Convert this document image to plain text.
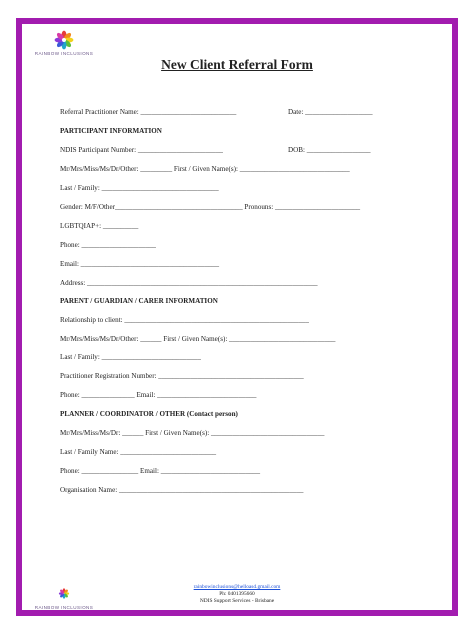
RAINBOW INCLUSIONS
New Client Referral Form
Referral Practitioner Name: ___________________________	Date: ___________________
PARTICIPANT INFORMATION
NDIS Participant Number: ________________________	DOB: __________________
Mr/Mrs/Miss/Ms/Dr/Other: _________ First / Given Name(s): _______________________________
Last / Family: _________________________________
Gender: M/F/Other____________________________________ Pronouns: ________________________
LGBTQIAP+: __________
Phone: _____________________
Email: _______________________________________
Address: _________________________________________________________________
PARENT / GUARDIAN / CARER INFORMATION
Relationship to client: ____________________________________________________
Mr/Mrs/Miss/Ms/Dr/Other: ______ First / Given Name(s): ______________________________
Last / Family: ____________________________
Practitioner Registration Number: _________________________________________
Phone: _______________ Email: ____________________________
PLANNER / COORDINATOR / OTHER (Contact person)
Mr/Mrs/Miss/Ms/Dr: ______ First / Given Name(s): ________________________________
Last / Family Name: ___________________________
Phone: ________________ Email: ____________________________
Organisation Name: ____________________________________________________
rainbowinclusions@helloasd.gmail.com
Ph: 0401395660
NDIS Support Services - Brisbane
RAINBOW INCLUSIONS
